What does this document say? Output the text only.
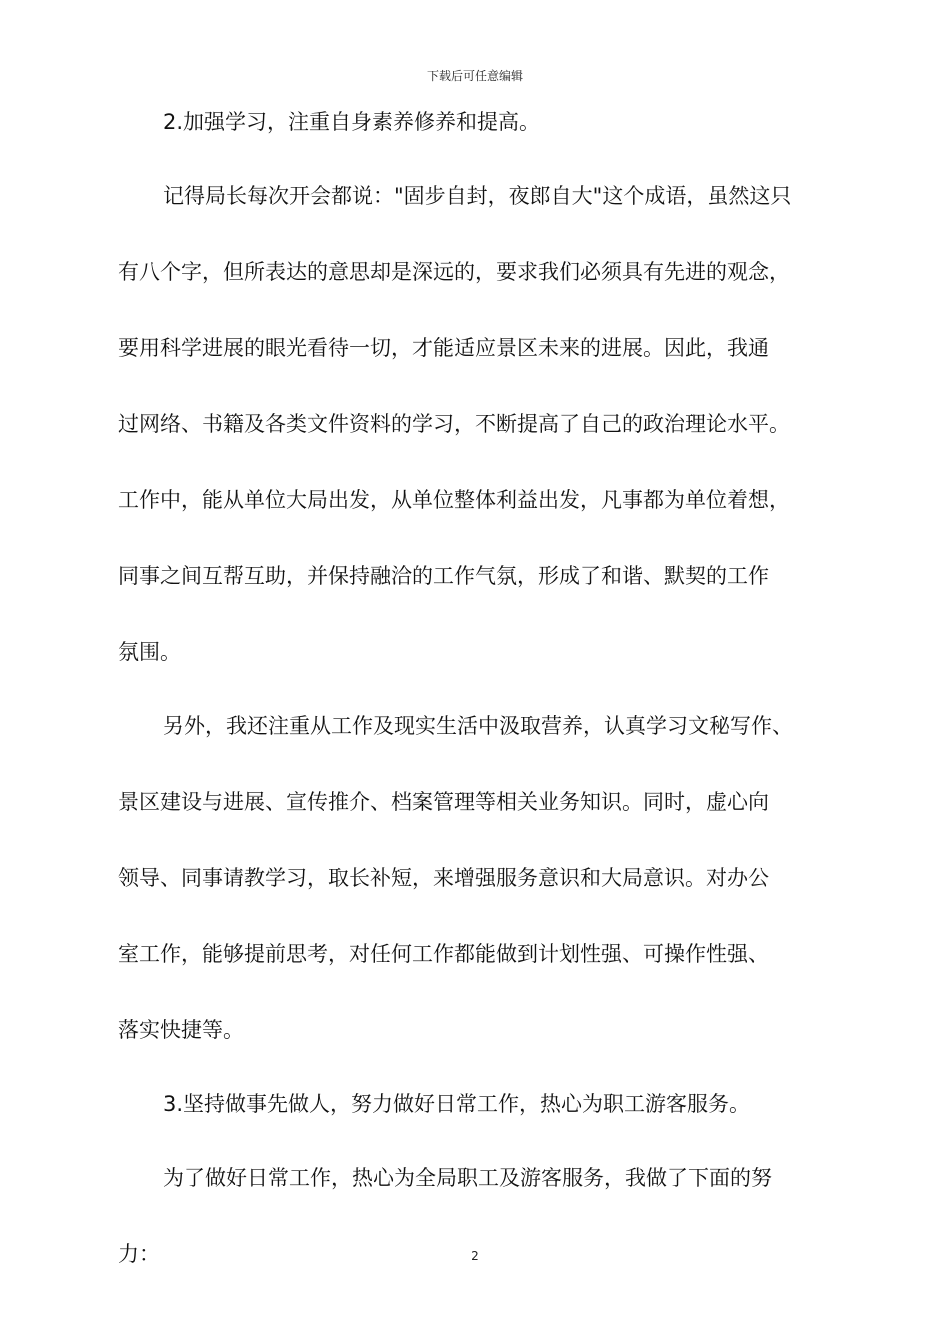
下载后可任意编辑
2.加强学习，注重自身素养修养和提高。
记得局长每次开会都说："固步自封，夜郎自大"这个成语，虽然这只
有八个字，但所表达的意思却是深远的，要求我们必须具有先进的观念，
要用科学进展的眼光看待一切，才能适应景区未来的进展。因此，我通
过网络、书籍及各类文件资料的学习，不断提高了自己的政治理论水平。
工作中，能从单位大局出发，从单位整体利益出发，凡事都为单位着想，
同事之间互帮互助，并保持融洽的工作气氛，形成了和谐、默契的工作
氛围。
另外，我还注重从工作及现实生活中汲取营养，认真学习文秘写作、
景区建设与进展、宣传推介、档案管理等相关业务知识。同时，虚心向
领导、同事请教学习，取长补短，来增强服务意识和大局意识。对办公
室工作，能够提前思考，对任何工作都能做到计划性强、可操作性强、
落实快捷等。
3.坚持做事先做人，努力做好日常工作，热心为职工游客服务。
为了做好日常工作，热心为全局职工及游客服务，我做了下面的努
力：	2
